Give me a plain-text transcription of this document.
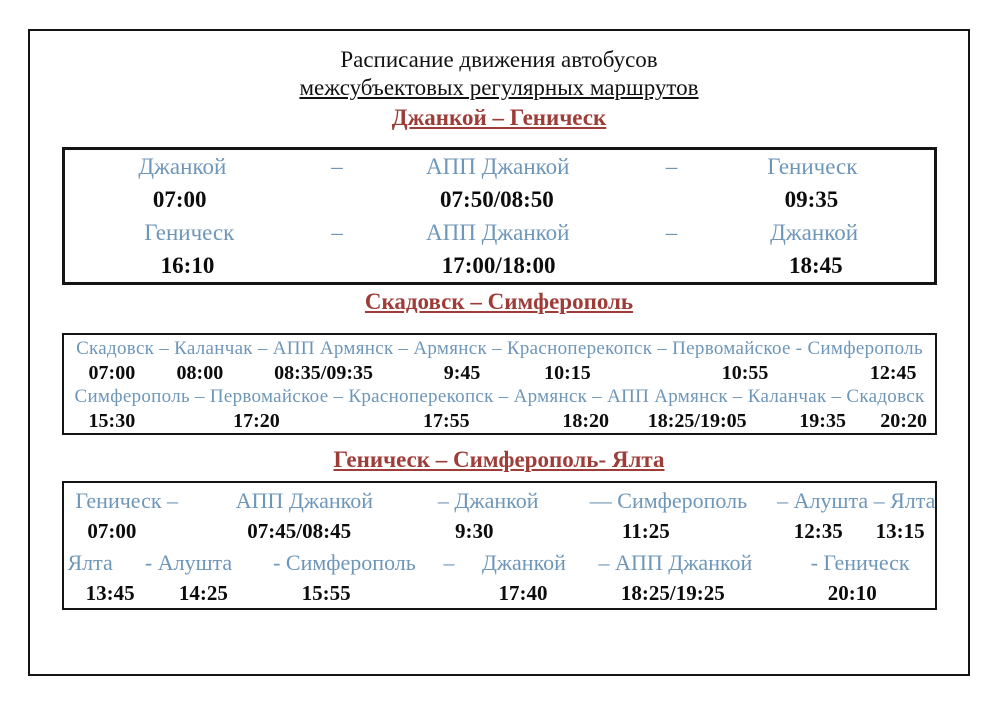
Расписание движения автобусов
межсубъектовых регулярных маршрутов
Джанкой – Геническ
Джанкой	–	АПП Джанкой	–	Геническ
07:00	07:50/08:50	09:35
Геническ	–	АПП Джанкой	–	Джанкой
16:10	17:00/18:00	18:45
Скадовск – Симферополь
Скадовск – Каланчак – АПП Армянск – Армянск – Красноперекопск – Первомайское - Симферополь
07:00 08:00	08:35/09:35	9:45	10:15	10:55	12:45
Симферополь – Первомайское – Красноперекопск – Армянск – АПП Армянск – Каланчак – Скадовск
15:30	17:20	17:55	18:20 18:25/19:05	19:35 20:20
Геническ – Симферополь- Ялта
Геническ –	АПП Джанкой	– Джанкой — Симферополь – Алушта – Ялта
07:00	07:45/08:45	9:30	11:25	12:35 13:15
Ялта - Алушта - Симферополь – Джанкой – АПП Джанкой	- Геническ
13:45 14:25	15:55	17:40	18:25/19:25	20:10
